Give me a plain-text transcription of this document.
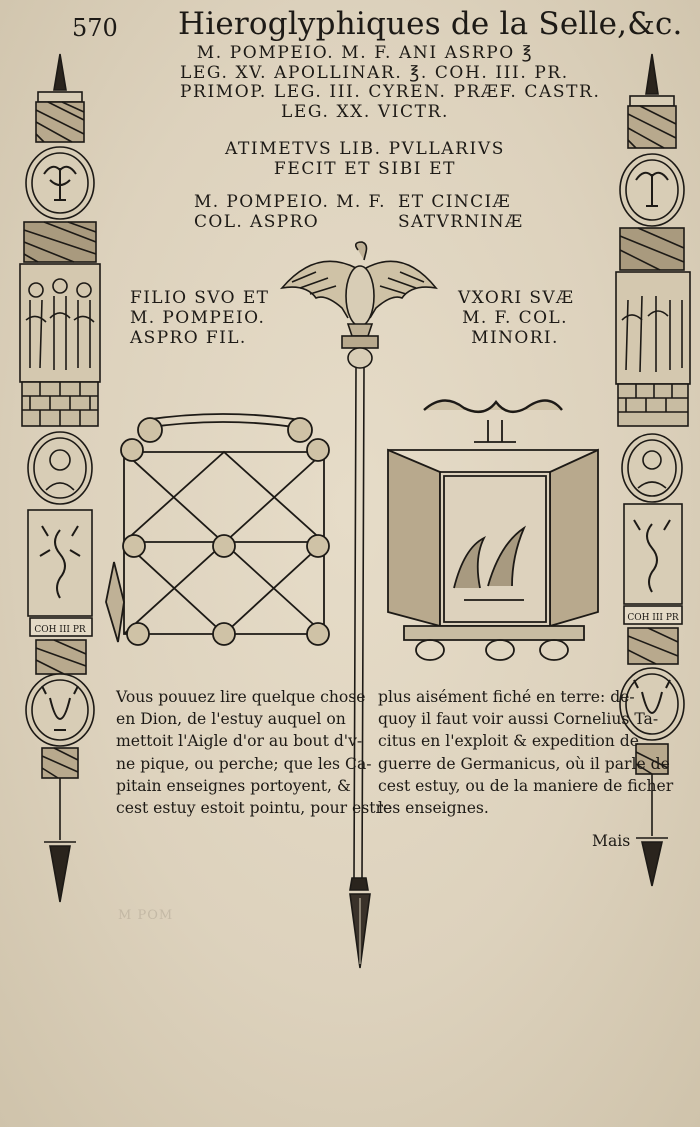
570 Hieroglyphiques de la Selle,&c.
M. POMPEIO. M. F. ANI ASRPO ℥
LEG. XV. APOLLINAR. ℥. COH. III. PR.
PRIMOP. LEG. III. CYREN. PRÆF. CASTR.
LEG. XX. VICTR.
ATIMETVS LIB. PVLLARIVS
FECIT ET SIBI ET
M. POMPEIO. M. F.
COL. ASPRO
ET CINCIÆ
SATVRNINÆ
FILIO SVO ET
M. POMPEIO.
ASPRO FIL.
VXORI SVÆ
M. F. COL.
MINORI.
M POM
COH III PR
COH III PR
Vous pouuez lire quelque chose
en Dion, de l'estuy auquel on
mettoit l'Aigle d'or au bout d'v-
ne pique, ou perche; que les Ca-
pitain enseignes portoyent, &
cest estuy estoit pointu, pour estre
plus aisément fiché en terre: de-
quoy il faut voir aussi Cornelius Ta-
citus en l'exploit & expedition de
guerre de Germanicus, où il parle de
cest estuy, ou de la maniere de ficher
les enseignes.
Mais
